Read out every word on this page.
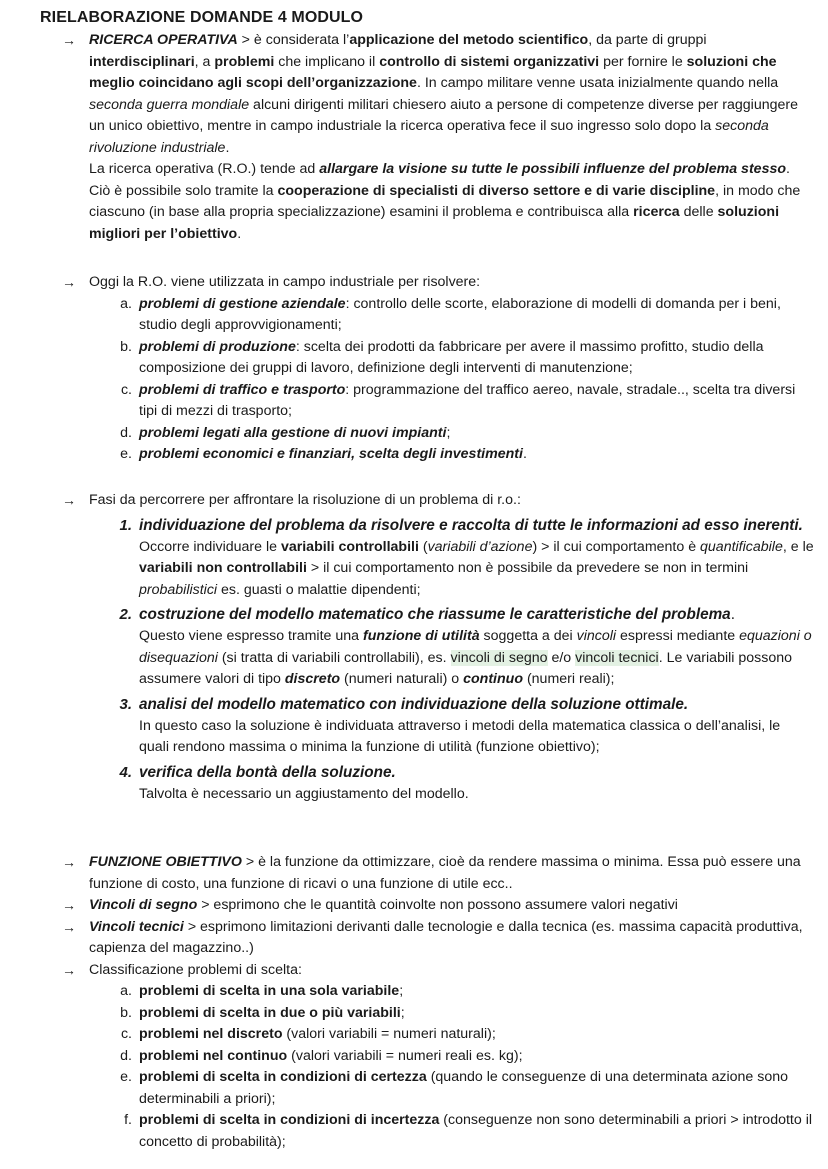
RIELABORAZIONE DOMANDE 4 MODULO
→ RICERCA OPERATIVA > è considerata l’applicazione del metodo scientifico, da parte di gruppi interdisciplinari, a problemi che implicano il controllo di sistemi organizzativi per fornire le soluzioni che meglio coincidano agli scopi dell’organizzazione. In campo militare venne usata inizialmente quando nella seconda guerra mondiale alcuni dirigenti militari chiesero aiuto a persone di competenze diverse per raggiungere un unico obiettivo, mentre in campo industriale la ricerca operativa fece il suo ingresso solo dopo la seconda rivoluzione industriale.
La ricerca operativa (R.O.) tende ad allargare la visione su tutte le possibili influenze del problema stesso. Ciò è possibile solo tramite la cooperazione di specialisti di diverso settore e di varie discipline, in modo che ciascuno (in base alla propria specializzazione) esamini il problema e contribuisca alla ricerca delle soluzioni migliori per l’obiettivo.
→ Oggi la R.O. viene utilizzata in campo industriale per risolvere:
a. problemi di gestione aziendale: controllo delle scorte, elaborazione di modelli di domanda per i beni, studio degli approvvigionamenti;
b. problemi di produzione: scelta dei prodotti da fabbricare per avere il massimo profitto, studio della composizione dei gruppi di lavoro, definizione degli interventi di manutenzione;
c. problemi di traffico e trasporto: programmazione del traffico aereo, navale, stradale.., scelta tra diversi tipi di mezzi di trasporto;
d. problemi legati alla gestione di nuovi impianti;
e. problemi economici e finanziari, scelta degli investimenti.
→ Fasi da percorrere per affrontare la risoluzione di un problema di r.o.:
1. individuazione del problema da risolvere e raccolta di tutte le informazioni ad esso inerenti.
Occorre individuare le variabili controllabili (variabili d’azione) > il cui comportamento è quantificabile, e le variabili non controllabili > il cui comportamento non è possibile da prevedere se non in termini probabilistici es. guasti o malattie dipendenti;
2. costruzione del modello matematico che riassume le caratteristiche del problema.
Questo viene espresso tramite una funzione di utilità soggetta a dei vincoli espressi mediante equazioni o disequazioni (si tratta di variabili controllabili), es. vincoli di segno e/o vincoli tecnici. Le variabili possono assumere valori di tipo discreto (numeri naturali) o continuo (numeri reali);
3. analisi del modello matematico con individuazione della soluzione ottimale.
In questo caso la soluzione è individuata attraverso i metodi della matematica classica o dell’analisi, le quali rendono massima o minima la funzione di utilità (funzione obiettivo);
4. verifica della bontà della soluzione.
Talvolta è necessario un aggiustamento del modello.
→ FUNZIONE OBIETTIVO > è la funzione da ottimizzare, cioè da rendere massima o minima. Essa può essere una funzione di costo, una funzione di ricavi o una funzione di utile ecc..
→ Vincoli di segno > esprimono che le quantità coinvolte non possono assumere valori negativi
→ Vincoli tecnici > esprimono limitazioni derivanti dalle tecnologie e dalla tecnica (es. massima capacità produttiva, capienza del magazzino..)
→ Classificazione problemi di scelta:
a. problemi di scelta in una sola variabile;
b. problemi di scelta in due o più variabili;
c. problemi nel discreto (valori variabili = numeri naturali);
d. problemi nel continuo (valori variabili = numeri reali es. kg);
e. problemi di scelta in condizioni di certezza (quando le conseguenze di una determinata azione sono determinabili a priori);
f. problemi di scelta in condizioni di incertezza (conseguenze non sono determinabili a priori > introdotto il concetto di probabilità);
